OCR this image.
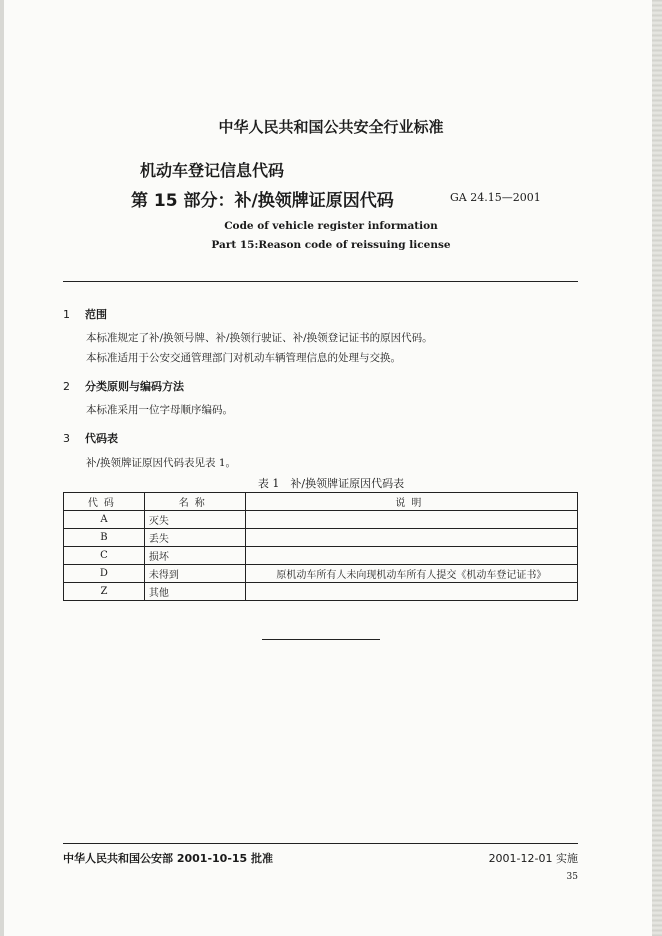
中华人民共和国公共安全行业标准
机动车登记信息代码
第 15 部分：补/换领牌证原因代码	GA 24.15—2001
Code of vehicle register information
Part 15:Reason code of reissuing license
1 范围
本标准规定了补/换领号牌、补/换领行驶证、补/换领登记证书的原因代码。
本标准适用于公安交通管理部门对机动车辆管理信息的处理与交换。
2 分类原则与编码方法
本标准采用一位字母顺序编码。
3 代码表
补/换领牌证原因代码表见表 1。
表 1　补/换领牌证原因代码表
代码	名称	说明
A	灭失	
B	丢失	
C	损坏	
D	未得到	原机动车所有人未向现机动车所有人提交《机动车登记证书》
Z	其他	
中华人民共和国公安部 2001-10-15 批准	2001-12-01 实施
35
